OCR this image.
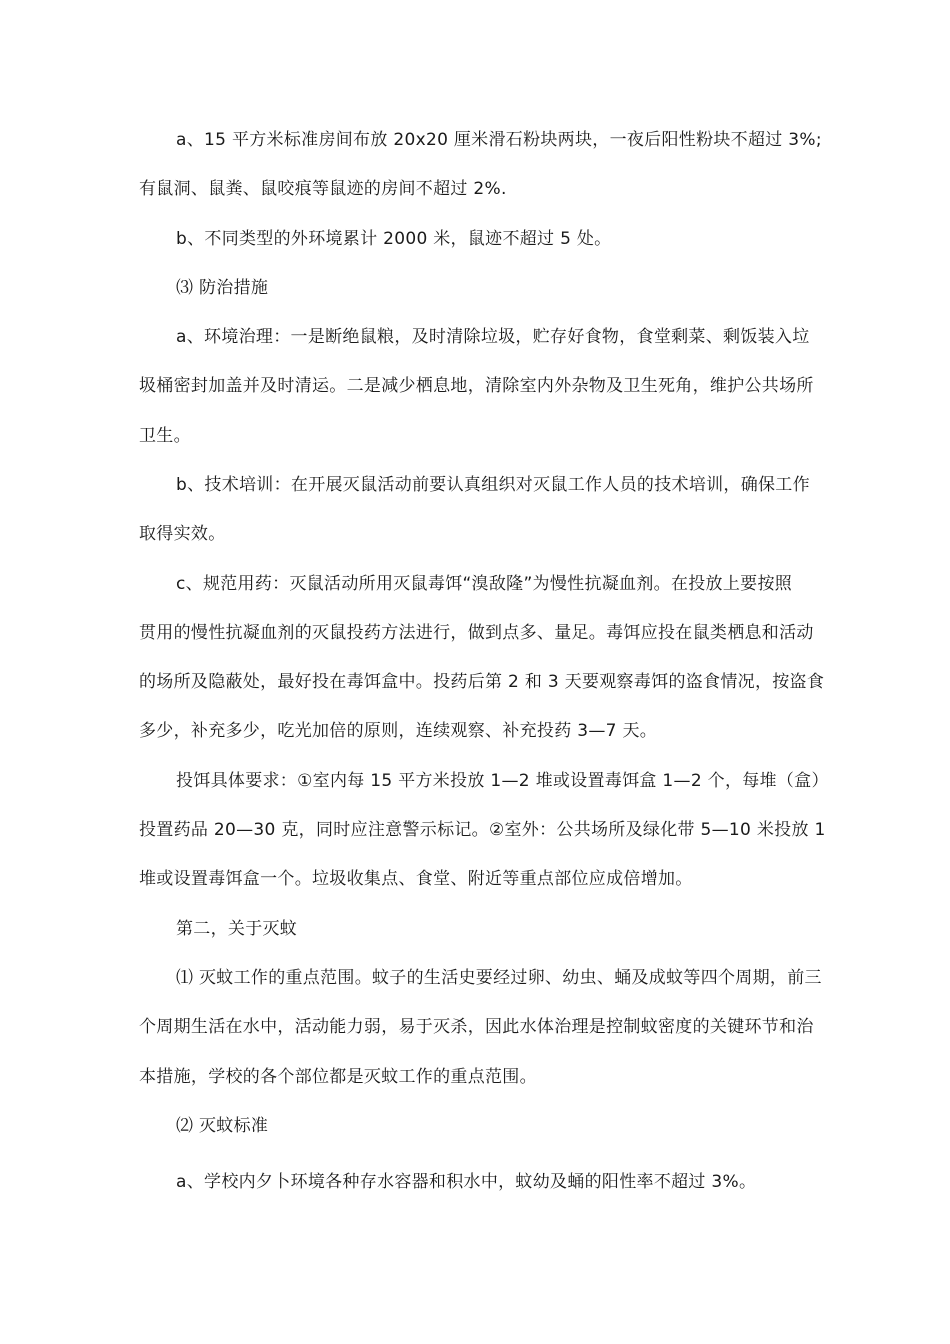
a、15 平方米标准房间布放 20x20 厘米滑石粉块两块，一夜后阳性粉块不超过 3%;
有鼠洞、鼠粪、鼠咬痕等鼠迹的房间不超过 2%.
b、不同类型的外环境累计 2000 米，鼠迹不超过 5 处。
⑶ 防治措施
a、环境治理：一是断绝鼠粮，及时清除垃圾，贮存好食物，食堂剩菜、剩饭装入垃
圾桶密封加盖并及时清运。二是减少栖息地，清除室内外杂物及卫生死角，维护公共场所
卫生。
b、技术培训：在开展灭鼠活动前要认真组织对灭鼠工作人员的技术培训，确保工作
取得实效。
c、规范用药：灭鼠活动所用灭鼠毒饵“溴敌隆”为慢性抗凝血剂。在投放上要按照
贯用的慢性抗凝血剂的灭鼠投药方法进行，做到点多、量足。毒饵应投在鼠类栖息和活动
的场所及隐蔽处，最好投在毒饵盒中。投药后第 2 和 3 天要观察毒饵的盗食情况，按盗食
多少，补充多少，吃光加倍的原则，连续观察、补充投药 3—7 天。
投饵具体要求：①室内每 15 平方米投放 1—2 堆或设置毒饵盒 1—2 个，每堆（盒）
投置药品 20—30 克，同时应注意警示标记。②室外：公共场所及绿化带 5—10 米投放 1
堆或设置毒饵盒一个。垃圾收集点、食堂、附近等重点部位应成倍增加。
第二，关于灭蚊
⑴ 灭蚊工作的重点范围。蚊子的生活史要经过卵、幼虫、蛹及成蚊等四个周期，前三
个周期生活在水中，活动能力弱，易于灭杀，因此水体治理是控制蚊密度的关键环节和治
本措施，学校的各个部位都是灭蚊工作的重点范围。
⑵ 灭蚊标准
a、学校内夕卜环境各种存水容器和积水中，蚊幼及蛹的阳性率不超过 3%。
